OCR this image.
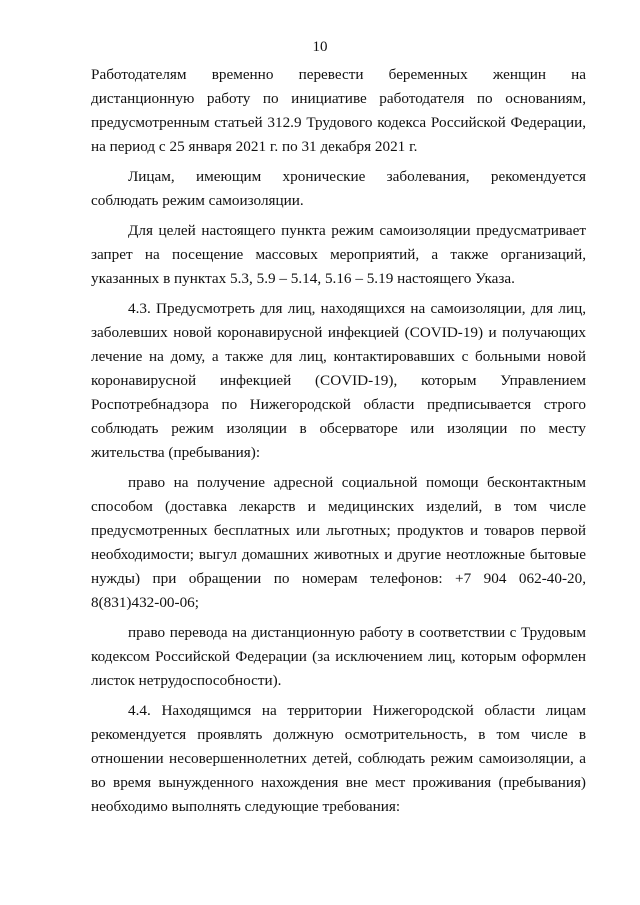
10

Работодателям временно перевести беременных женщин на дистанционную работу по инициативе работодателя по основаниям, предусмотренным статьей 312.9 Трудового кодекса Российской Федерации, на период с 25 января 2021 г. по 31 декабря 2021 г.

Лицам, имеющим хронические заболевания, рекомендуется соблюдать режим самоизоляции.

Для целей настоящего пункта режим самоизоляции предусматривает запрет на посещение массовых мероприятий, а также организаций, указанных в пунктах 5.3, 5.9 – 5.14, 5.16 – 5.19 настоящего Указа.

4.3. Предусмотреть для лиц, находящихся на самоизоляции, для лиц, заболевших новой коронавирусной инфекцией (COVID-19) и получающих лечение на дому, а также для лиц, контактировавших с больными новой коронавирусной инфекцией (COVID-19), которым Управлением Роспотребнадзора по Нижегородской области предписывается строго соблюдать режим изоляции в обсерваторе или изоляции по месту жительства (пребывания):

право на получение адресной социальной помощи бесконтактным способом (доставка лекарств и медицинских изделий, в том числе предусмотренных бесплатных или льготных; продуктов и товаров первой необходимости; выгул домашних животных и другие неотложные бытовые нужды) при обращении по номерам телефонов: +7 904 062-40-20, 8(831)432-00-06;

право перевода на дистанционную работу в соответствии с Трудовым кодексом Российской Федерации (за исключением лиц, которым оформлен листок нетрудоспособности).

4.4. Находящимся на территории Нижегородской области лицам рекомендуется проявлять должную осмотрительность, в том числе в отношении несовершеннолетних детей, соблюдать режим самоизоляции, а во время вынужденного нахождения вне мест проживания (пребывания) необходимо выполнять следующие требования:
